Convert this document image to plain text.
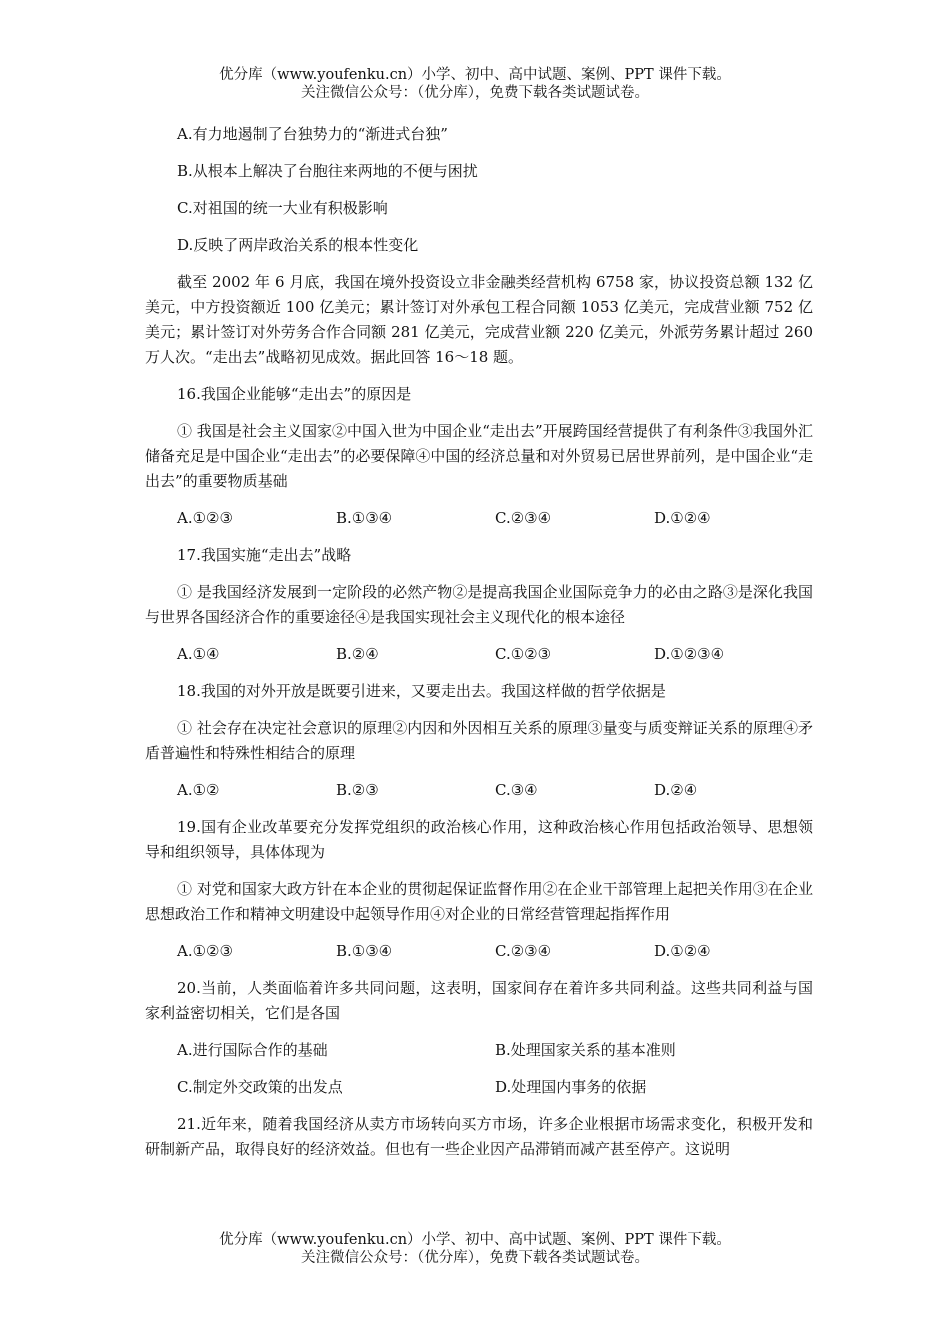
优分库（www.youfenku.cn）小学、初中、高中试题、案例、PPT 课件下载。
关注微信公众号：（优分库），免费下载各类试题试卷。
A.有力地遏制了台独势力的“渐进式台独”
B.从根本上解决了台胞往来两地的不便与困扰
C.对祖国的统一大业有积极影响
D.反映了两岸政治关系的根本性变化
截至 2002 年 6 月底，我国在境外投资设立非金融类经营机构 6758 家，协议投资总额 132 亿美元，中方投资额近 100 亿美元；累计签订对外承包工程合同额 1053 亿美元，完成营业额 752 亿美元；累计签订对外劳务合作合同额 281 亿美元，完成营业额 220 亿美元，外派劳务累计超过 260 万人次。“走出去”战略初见成效。据此回答 16～18 题。
16.我国企业能够“走出去”的原因是
① 我国是社会主义国家②中国入世为中国企业“走出去”开展跨国经营提供了有利条件③我国外汇储备充足是中国企业“走出去”的必要保障④中国的经济总量和对外贸易已居世界前列，是中国企业“走出去”的重要物质基础
A.①②③	B.①③④	C.②③④	D.①②④
17.我国实施“走出去”战略
① 是我国经济发展到一定阶段的必然产物②是提高我国企业国际竞争力的必由之路③是深化我国与世界各国经济合作的重要途径④是我国实现社会主义现代化的根本途径
A.①④	B.②④	C.①②③	D.①②③④
18.我国的对外开放是既要引进来，又要走出去。我国这样做的哲学依据是
① 社会存在决定社会意识的原理②内因和外因相互关系的原理③量变与质变辩证关系的原理④矛盾普遍性和特殊性相结合的原理
A.①②	B.②③	C.③④	D.②④
19.国有企业改革要充分发挥党组织的政治核心作用，这种政治核心作用包括政治领导、思想领导和组织领导，具体体现为
① 对党和国家大政方针在本企业的贯彻起保证监督作用②在企业干部管理上起把关作用③在企业思想政治工作和精神文明建设中起领导作用④对企业的日常经营管理起指挥作用
A.①②③	B.①③④	C.②③④	D.①②④
20.当前，人类面临着许多共同问题，这表明，国家间存在着许多共同利益。这些共同利益与国家利益密切相关，它们是各国
A.进行国际合作的基础	B.处理国家关系的基本准则
C.制定外交政策的出发点	D.处理国内事务的依据
21.近年来，随着我国经济从卖方市场转向买方市场，许多企业根据市场需求变化，积极开发和研制新产品，取得良好的经济效益。但也有一些企业因产品滞销而减产甚至停产。这说明
优分库（www.youfenku.cn）小学、初中、高中试题、案例、PPT 课件下载。
关注微信公众号：（优分库），免费下载各类试题试卷。
